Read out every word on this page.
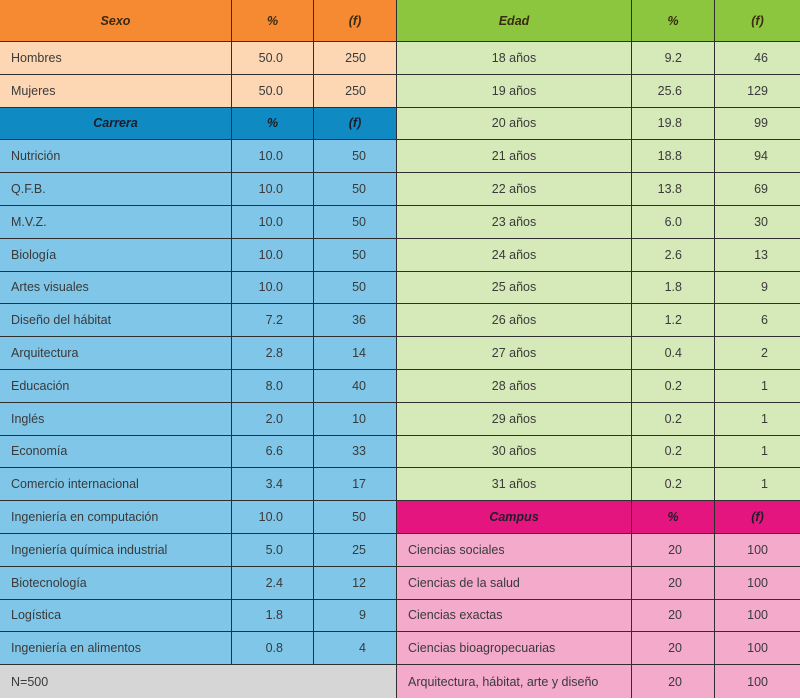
Sexo	%	(f)
Hombres	50.0	250
Mujeres	50.0	250
Carrera	%	(f)
Nutrición	10.0	50
Q.F.B.	10.0	50
M.V.Z.	10.0	50
Biología	10.0	50
Artes visuales	10.0	50
Diseño del hábitat	7.2	36
Arquitectura	2.8	14
Educación	8.0	40
Inglés	2.0	10
Economía	6.6	33
Comercio internacional	3.4	17
Ingeniería en computación	10.0	50
Ingeniería química industrial	5.0	25
Biotecnología	2.4	12
Logística	1.8	9
Ingeniería en alimentos	0.8	4
N=500
Edad	%	(f)
18 años	9.2	46
19 años	25.6	129
20 años	19.8	99
21 años	18.8	94
22 años	13.8	69
23 años	6.0	30
24 años	2.6	13
25 años	1.8	9
26 años	1.2	6
27 años	0.4	2
28 años	0.2	1
29 años	0.2	1
30 años	0.2	1
31 años	0.2	1
Campus	%	(f)
Ciencias sociales	20	100
Ciencias de la salud	20	100
Ciencias exactas	20	100
Ciencias bioagropecuarias	20	100
Arquitectura, hábitat, arte y diseño	20	100
